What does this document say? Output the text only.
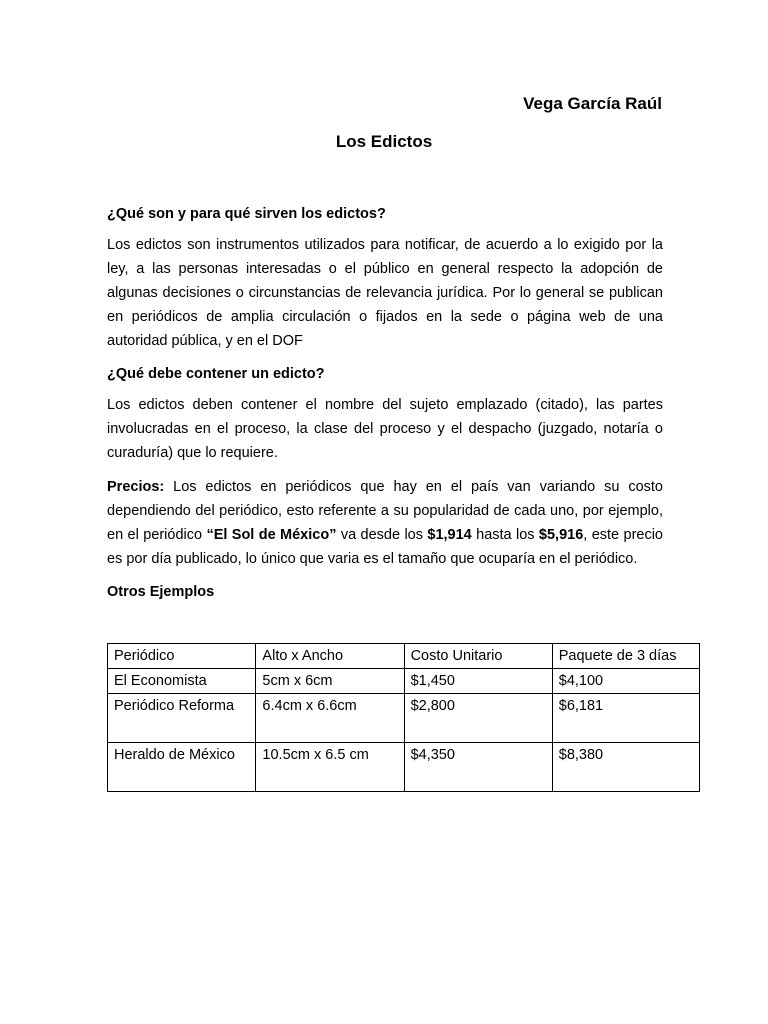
Vega García Raúl
Los Edictos

¿Qué son y para qué sirven los edictos?

Los edictos son instrumentos utilizados para notificar, de acuerdo a lo exigido por la ley, a las personas interesadas o el público en general respecto la adopción de algunas decisiones o circunstancias de relevancia jurídica. Por lo general se publican en periódicos de amplia circulación o fijados en la sede o página web de una autoridad pública, y en el DOF

¿Qué debe contener un edicto?

Los edictos deben contener el nombre del sujeto emplazado (citado), las partes involucradas en el proceso, la clase del proceso y el despacho (juzgado, notaría o curaduría) que lo requiere.

Precios: Los edictos en periódicos que hay en el país van variando su costo dependiendo del periódico, esto referente a su popularidad de cada uno, por ejemplo, en el periódico “El Sol de México” va desde los $1,914 hasta los $5,916, este precio es por día publicado, lo único que varia es el tamaño que ocuparía en el periódico.

Otros Ejemplos

Periódico	Alto x Ancho	Costo Unitario	Paquete de 3 días
El Economista	5cm x 6cm	$1,450	$4,100
Periódico Reforma	6.4cm x 6.6cm	$2,800	$6,181
Heraldo de México	10.5cm x 6.5 cm	$4,350	$8,380
